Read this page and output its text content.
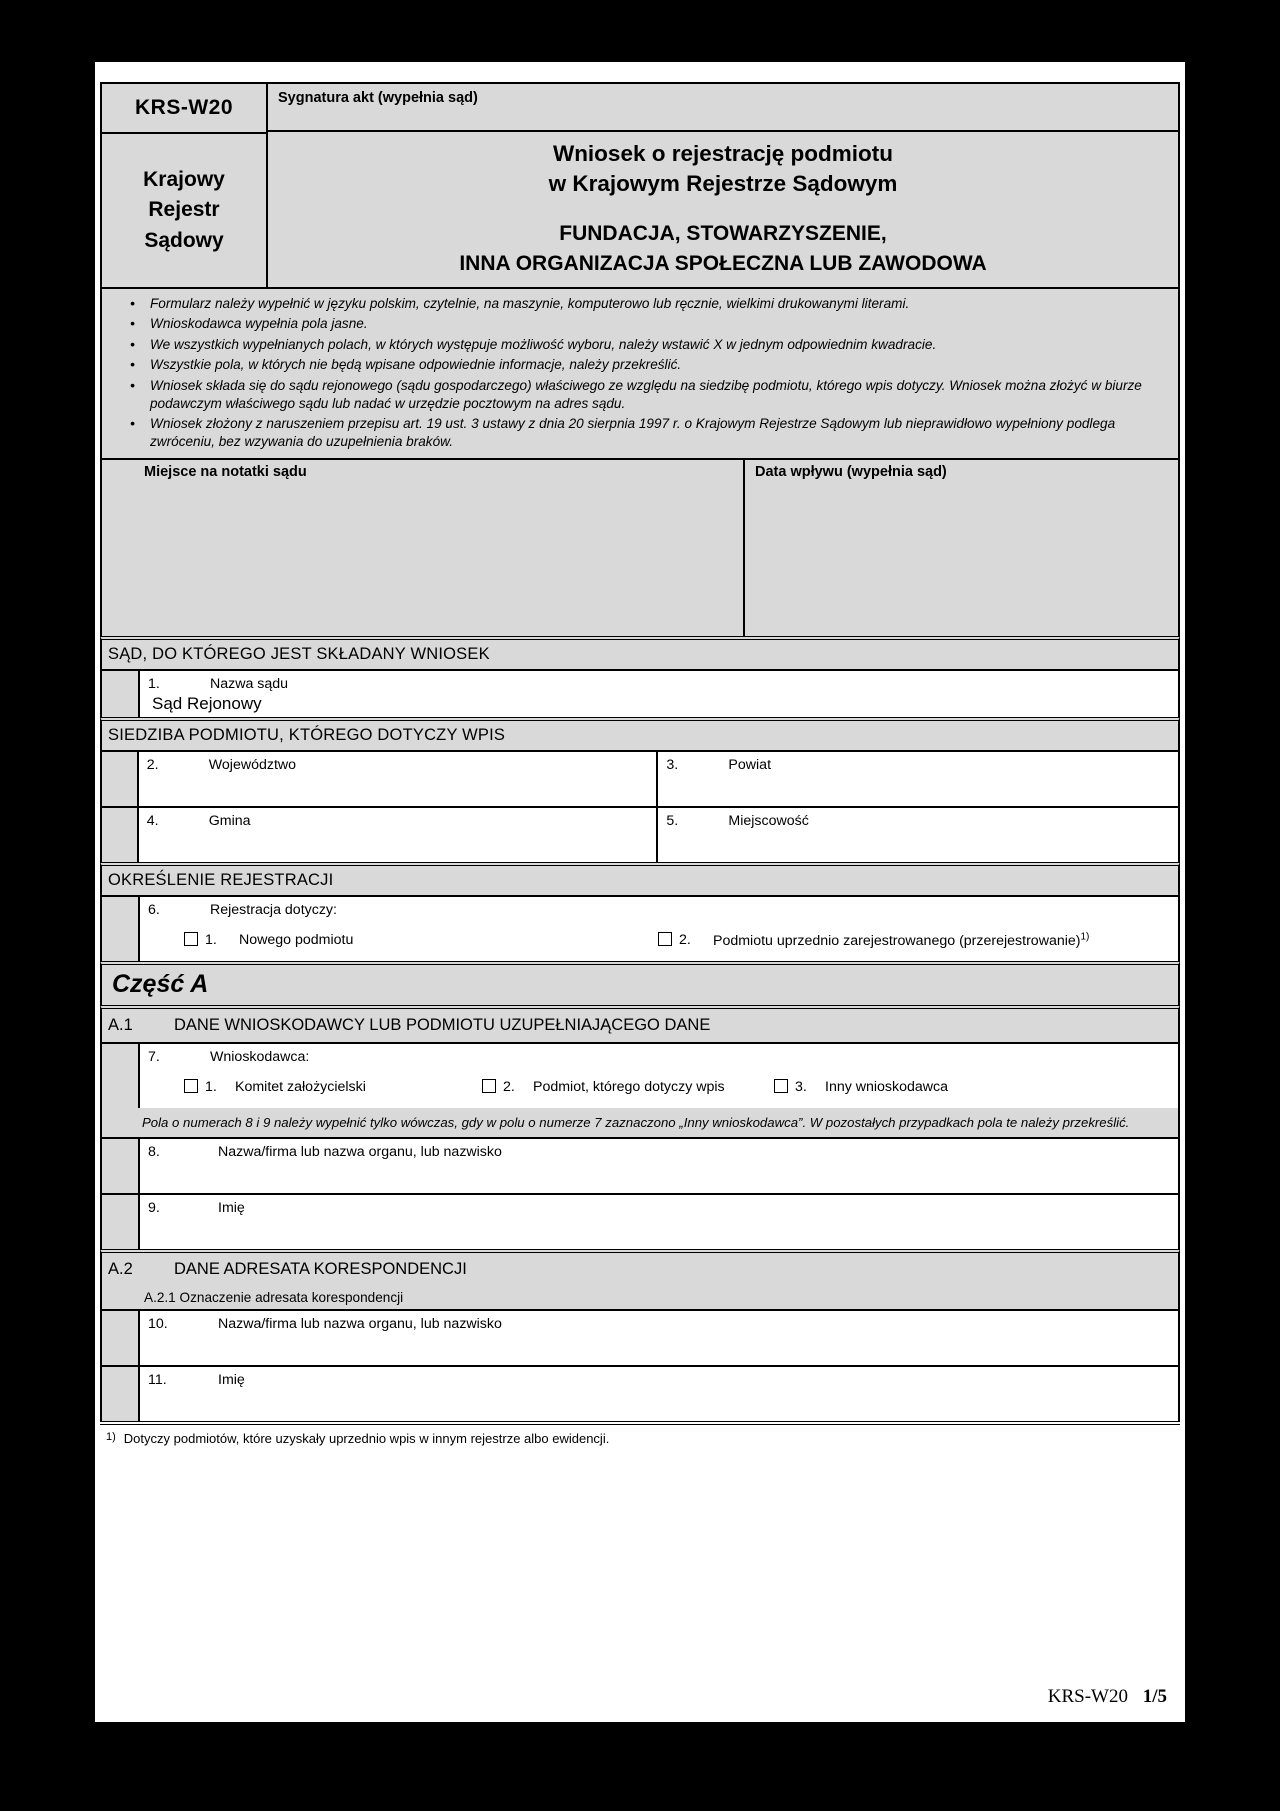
KRS-W20
Krajowy
Rejestr
Sądowy
Sygnatura akt (wypełnia sąd)
Wniosek o rejestrację podmiotu
w Krajowym Rejestrze Sądowym
FUNDACJA, STOWARZYSZENIE,
INNA ORGANIZACJA SPOŁECZNA LUB ZAWODOWA
• Formularz należy wypełnić w języku polskim, czytelnie, na maszynie, komputerowo lub ręcznie, wielkimi drukowanymi literami.
• Wnioskodawca wypełnia pola jasne.
• We wszystkich wypełnianych polach, w których występuje możliwość wyboru, należy wstawić X w jednym odpowiednim kwadracie.
• Wszystkie pola, w których nie będą wpisane odpowiednie informacje, należy przekreślić.
• Wniosek składa się do sądu rejonowego (sądu gospodarczego) właściwego ze względu na siedzibę podmiotu, którego wpis dotyczy. Wniosek można złożyć w biurze podawczym właściwego sądu lub nadać w urzędzie pocztowym na adres sądu.
• Wniosek złożony z naruszeniem przepisu art. 19 ust. 3 ustawy z dnia 20 sierpnia 1997 r. o Krajowym Rejestrze Sądowym lub nieprawidłowo wypełniony podlega zwróceniu, bez wzywania do uzupełnienia braków.
Miejsce na notatki sądu	Data wpływu (wypełnia sąd)
SĄD, DO KTÓREGO JEST SKŁADANY WNIOSEK
1.	Nazwa sądu
Sąd Rejonowy
SIEDZIBA PODMIOTU, KTÓREGO DOTYCZY WPIS
2.	Województwo	3.	Powiat
4.	Gmina	5.	Miejscowość
OKREŚLENIE REJESTRACJI
6.	Rejestracja dotyczy:
1.	Nowego podmiotu	2.	Podmiotu uprzednio zarejestrowanego (przerejestrowanie)$^{1)}$
Część A
A.1	DANE WNIOSKODAWCY LUB PODMIOTU UZUPEŁNIAJĄCEGO DANE
7.	Wnioskodawca:
1.	Komitet założycielski	2.	Podmiot, którego dotyczy wpis	3.	Inny wnioskodawca
Pola o numerach 8 i 9 należy wypełnić tylko wówczas, gdy w polu o numerze 7 zaznaczono „Inny wnioskodawca”. W pozostałych przypadkach pola te należy przekreślić.
8.	Nazwa/firma lub nazwa organu, lub nazwisko
9.	Imię
A.2	DANE ADRESATA KORESPONDENCJI
A.2.1 Oznaczenie adresata korespondencji
10.	Nazwa/firma lub nazwa organu, lub nazwisko
11.	Imię
1) Dotyczy podmiotów, które uzyskały uprzednio wpis w innym rejestrze albo ewidencji.
KRS-W20 1/5
